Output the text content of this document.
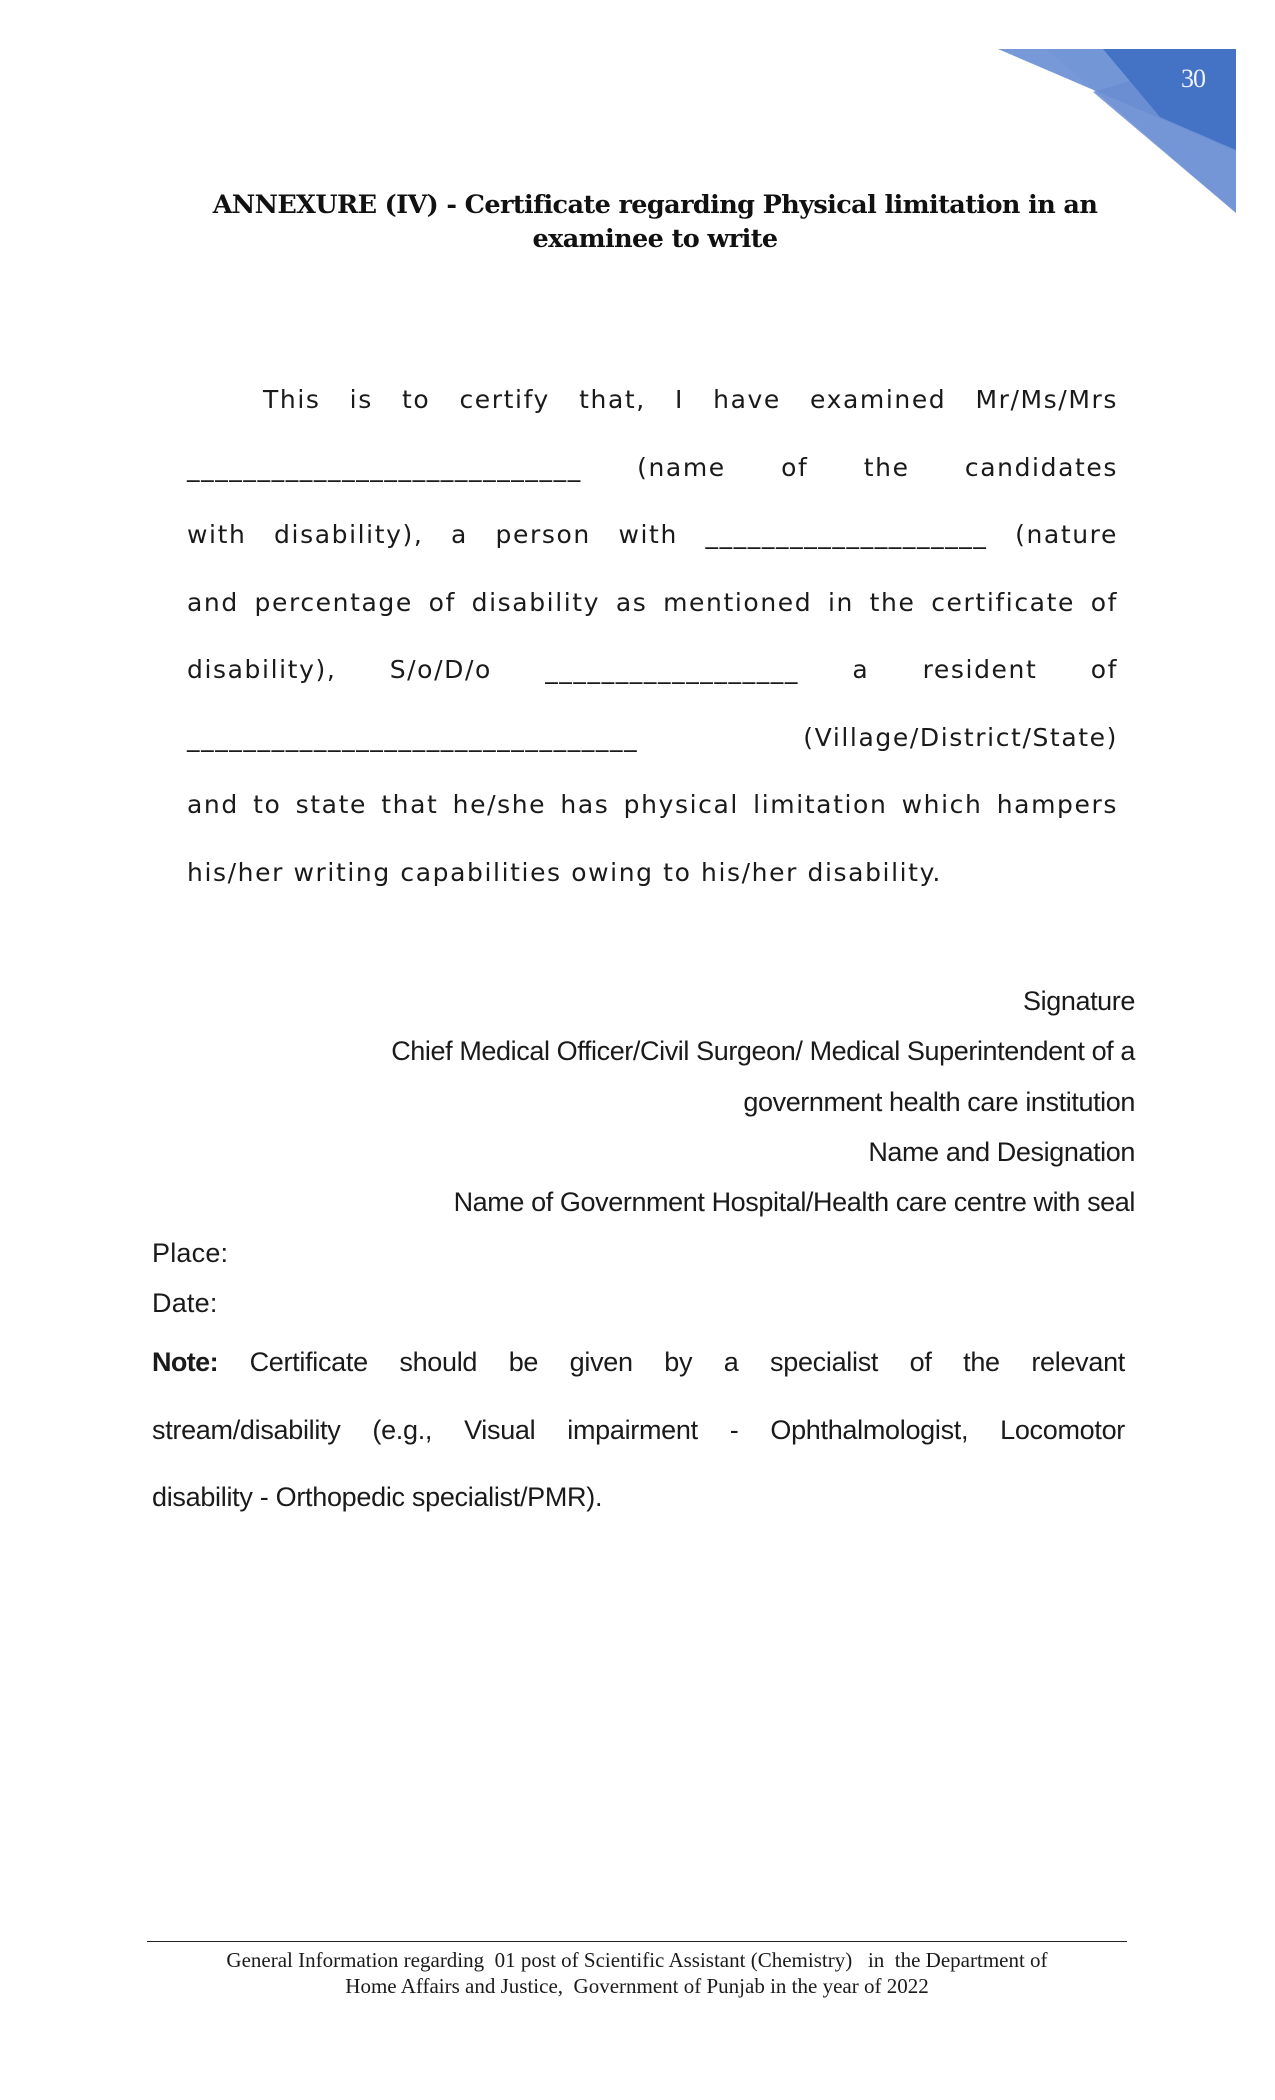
30
ANNEXURE (IV) - Certificate regarding Physical limitation in an
examinee to write
This is to certify that, I have examined Mr/Ms/Mrs
____________________________ (name of the candidates
with disability), a person with ____________________ (nature
and percentage of disability as mentioned in the certificate of
disability), S/o/D/o __________________ a resident of
________________________________ (Village/District/State)
and to state that he/she has physical limitation which hampers
his/her writing capabilities owing to his/her disability.
Signature
Chief Medical Officer/Civil Surgeon/ Medical Superintendent of a
government health care institution
Name and Designation
Name of Government Hospital/Health care centre with seal
Place:
Date:
Note: Certificate should be given by a specialist of the relevant
stream/disability (e.g., Visual impairment - Ophthalmologist, Locomotor
disability - Orthopedic specialist/PMR).
General Information regarding  01 post of Scientific Assistant (Chemistry)   in  the Department of
Home Affairs and Justice,  Government of Punjab in the year of 2022
